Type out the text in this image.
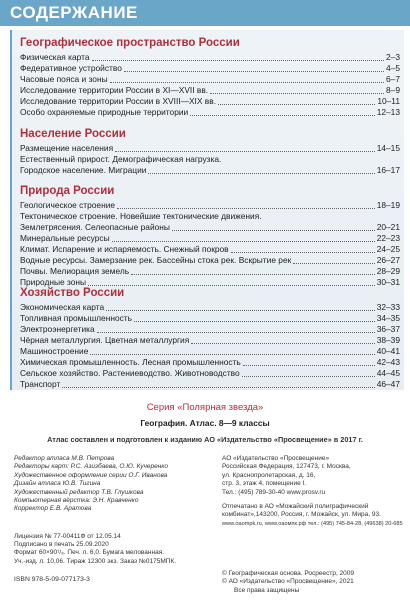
СОДЕРЖАНИЕ
Географическое пространство России
Физическая карта	2–3
Федеративное устройство	4–5
Часовые пояса и зоны	6–7
Исследование территории России в XI—XVII вв.	8–9
Исследование территории России в XVIII—XIX вв.	10–11
Особо охраняемые природные территории	12–13
Население России
Размещение населения	14–15
Естественный прирост. Демографическая нагрузка.
Городское население. Миграции	16–17
Природа России
Геологическое строение	18–19
Тектоническое строение. Новейшие тектонические движения.
Землетрясения. Селеопасные районы	20–21
Минеральные ресурсы	22–23
Климат. Испарение и испаряемость. Снежный покров	24–25
Водные ресурсы. Замерзание рек. Бассейны стока рек. Вскрытие рек	26–27
Почвы. Мелиорация земель	28–29
Природные зоны	30–31
Хозяйство России
Экономическая карта	32–33
Топливная промышленность	34–35
Электроэнергетика	36–37
Чёрная металлургия. Цветная металлургия	38–39
Машиностроение	40–41
Химическая промышленность. Лесная промышленность	42–43
Сельское хозяйство. Растениеводство. Животноводство	44–45
Транспорт	46–47
Серия «Полярная звезда»
География. Атлас. 8—9 классы
Атлас составлен и подготовлен к изданию АО «Издательство «Просвещение» в 2017 г.
Редактор атласа М.В. Петрова
Редакторы карт: Р.С. Азизбаева, О.Ю. Кучеренко
Художественное оформление серии О.Г. Иванова
Дизайн атласа Ю.В. Тигина
Художественный редактор Т.В. Глушкова
Компьютерная вёрстка: Э.Н. Кравченко
Корректор Е.В. Аратова
АО «Издательство «Просвещение»
Российская Федерация, 127473, г. Москва,
ул. Краснопролетарская, д. 16,
стр. 3, этаж 4, помещение I.
Тел.: (495) 789-30-40 www.prosv.ru
Отпечатано в АО «Можайский полиграфический
комбинат»,143200, Россия, г. Можайск, ул. Мира, 93.
www.oaompk.ru, www.oaoмпк.рф тел.: (495) 745-84-28, (49638) 20-685
Лицензия № 77-00411Ф от 12.05.14
Подписано в печать 25.09.2020
Формат 60×90¹/₈. Печ. л. 6,0. Бумага мелованная.
Уч.-изд. л. 10,06. Тираж 12300 экз. Заказ №0175МПК.
ISBN 978-5-09-077173-3
© Географическая основа. Росреестр, 2009
© АО «Издательство «Просвещение», 2021
Все права защищены
